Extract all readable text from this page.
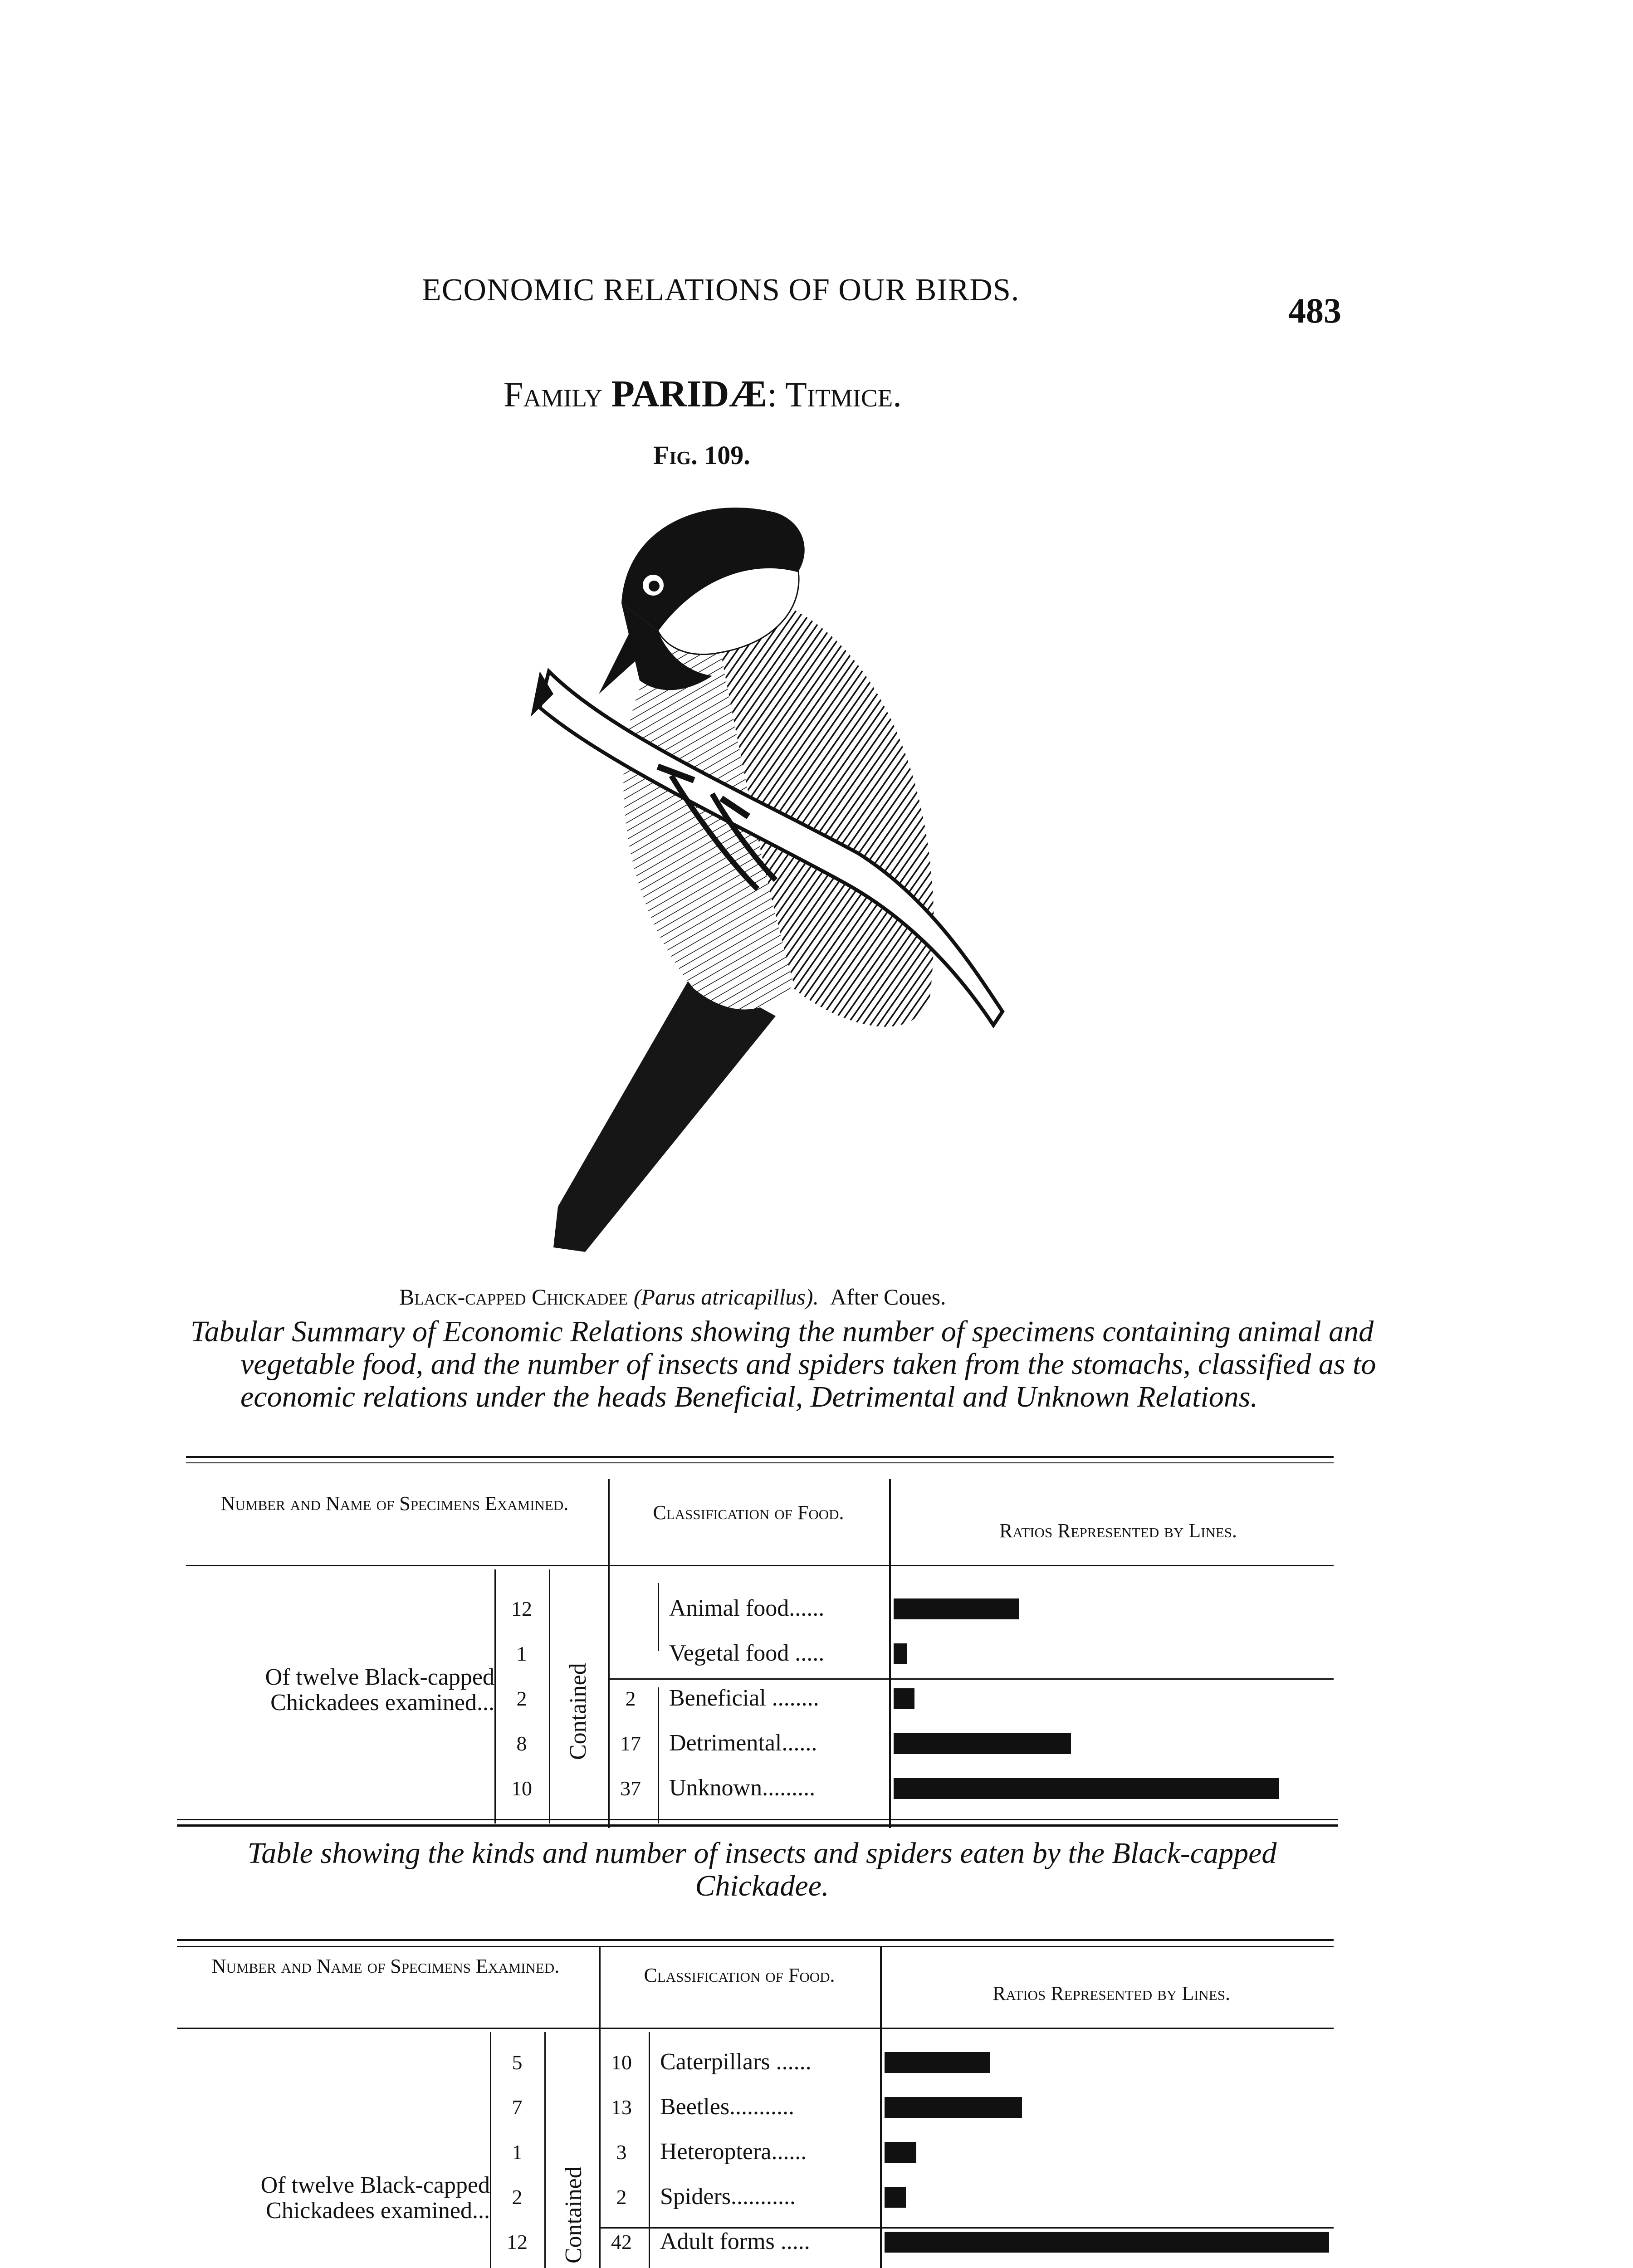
ECONOMIC RELATIONS OF OUR BIRDS.
483
Family PARIDÆ: Titmice.
Fig. 109.
Black-capped Chickadee (Parus atricapillus). After Coues.
Tabular Summary of Economic Relations showing the number of specimens containing animal and vegetable food, and the number of insects and spiders taken from the stomachs, classified as to economic relations under the heads Beneficial, Detrimental and Unknown Relations.
Number and Name of Specimens Examined.	Classification of Food.
Ratios Represented by Lines.
Of twelve Black-capped Chickadees examined...	Contained
12	Animal food......
1	Vegetal food .....
2	2	Beneficial ........
8	17	Detrimental......
10	37	Unknown.........
Table showing the kinds and number of insects and spiders eaten by the Black-capped Chickadee.
Number and Name of Specimens Examined.	Classification of Food.
Ratios Represented by Lines.
Of twelve Black-capped Chickadees examined...	Contained
5	10	Caterpillars ......
7	13	Beetles...........
1	3	Heteroptera......
2	2	Spiders...........
12	42	Adult forms .....
